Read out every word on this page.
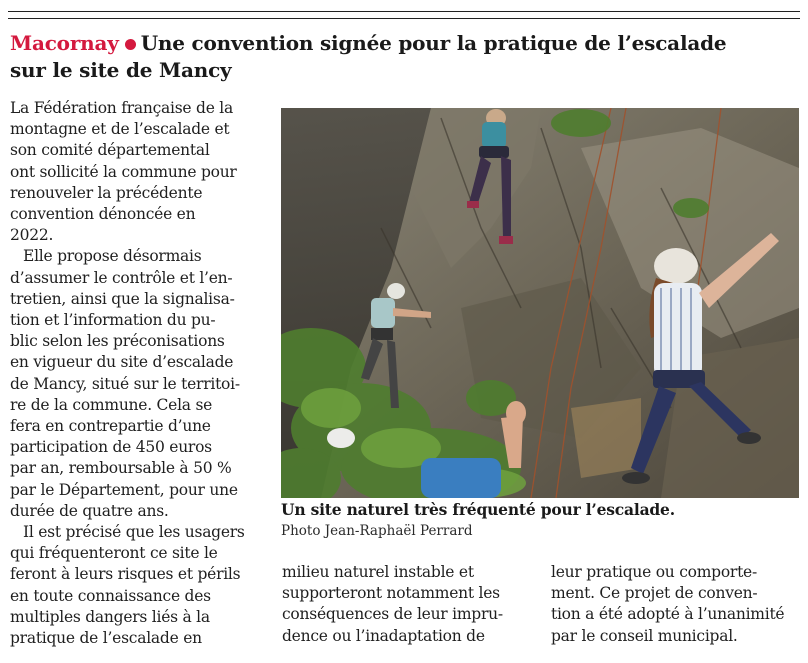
Macornay Une convention signée pour la pratique de l’escalade
sur le site de Mancy

La Fédération française de la
montagne et de l’escalade et
son comité départemental
ont sollicité la commune pour
renouveler la précédente
convention dénoncée en
2022.

Elle propose désormais
d’assumer le contrôle et l’en-
tretien, ainsi que la signalisa-
tion et l’information du pu-
blic selon les préconisations
en vigueur du site d’escalade
de Mancy, situé sur le territoi-
re de la commune. Cela se
fera en contrepartie d’une
participation de 450 euros
par an, remboursable à 50 %
par le Département, pour une
durée de quatre ans.

Il est précisé que les usagers
qui fréquenteront ce site le
feront à leurs risques et périls
en toute connaissance des
multiples dangers liés à la
pratique de l’escalade en

Un site naturel très fréquenté pour l’escalade.
Photo Jean-Raphaël Perrard
milieu naturel instable et
supporteront notamment les
conséquences de leur impru-
dence ou l’inadaptation de
leur pratique ou comporte-
ment. Ce projet de conven-
tion a été adopté à l’unanimité
par le conseil municipal.
